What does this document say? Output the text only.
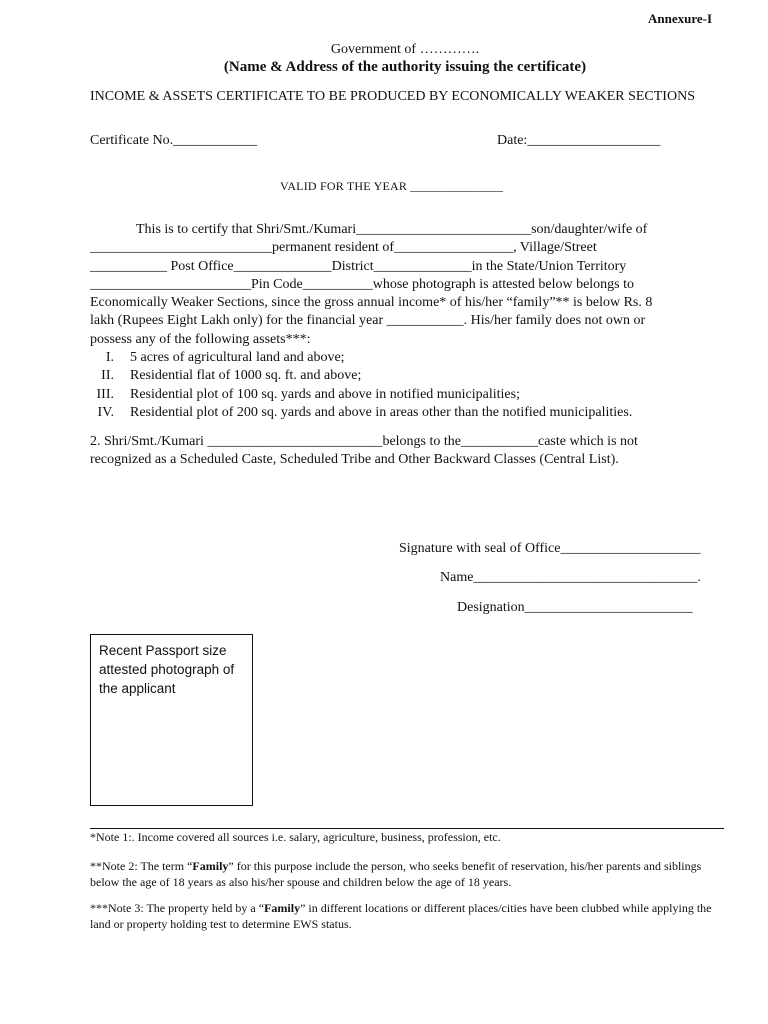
Annexure-I
Government of ………….
(Name & Address of the authority issuing the certificate)
INCOME & ASSETS CERTIFICATE TO BE PRODUCED BY ECONOMICALLY WEAKER SECTIONS
Certificate No.____________	Date:___________________
VALID FOR THE YEAR _______________
This is to certify that Shri/Smt./Kumari_________________________son/daughter/wife of
__________________________permanent resident of_________________, Village/Street
___________ Post Office______________District______________in the State/Union Territory
_______________________Pin Code__________whose photograph is attested below belongs to
Economically Weaker Sections, since the gross annual income* of his/her “family”** is below Rs. 8
lakh (Rupees Eight Lakh only) for the financial year ___________. His/her family does not own or
possess any of the following assets***:
I.	5 acres of agricultural land and above;
II.	Residential flat of 1000 sq. ft. and above;
III.	Residential plot of 100 sq. yards and above in notified municipalities;
IV.	Residential plot of 200 sq. yards and above in areas other than the notified municipalities.
2. Shri/Smt./Kumari _________________________belongs to the___________caste which is not
recognized as a Scheduled Caste, Scheduled Tribe and Other Backward Classes (Central List).
Signature with seal of Office____________________
Name________________________________.
Designation________________________
Recent Passport size attested photograph of the applicant
*Note 1:. Income covered all sources i.e. salary, agriculture, business, profession, etc.
**Note 2: The term “Family” for this purpose include the person, who seeks benefit of reservation, his/her parents and siblings below the age of 18 years as also his/her spouse and children below the age of 18 years.
***Note 3: The property held by a “Family” in different locations or different places/cities have been clubbed while applying the land or property holding test to determine EWS status.
